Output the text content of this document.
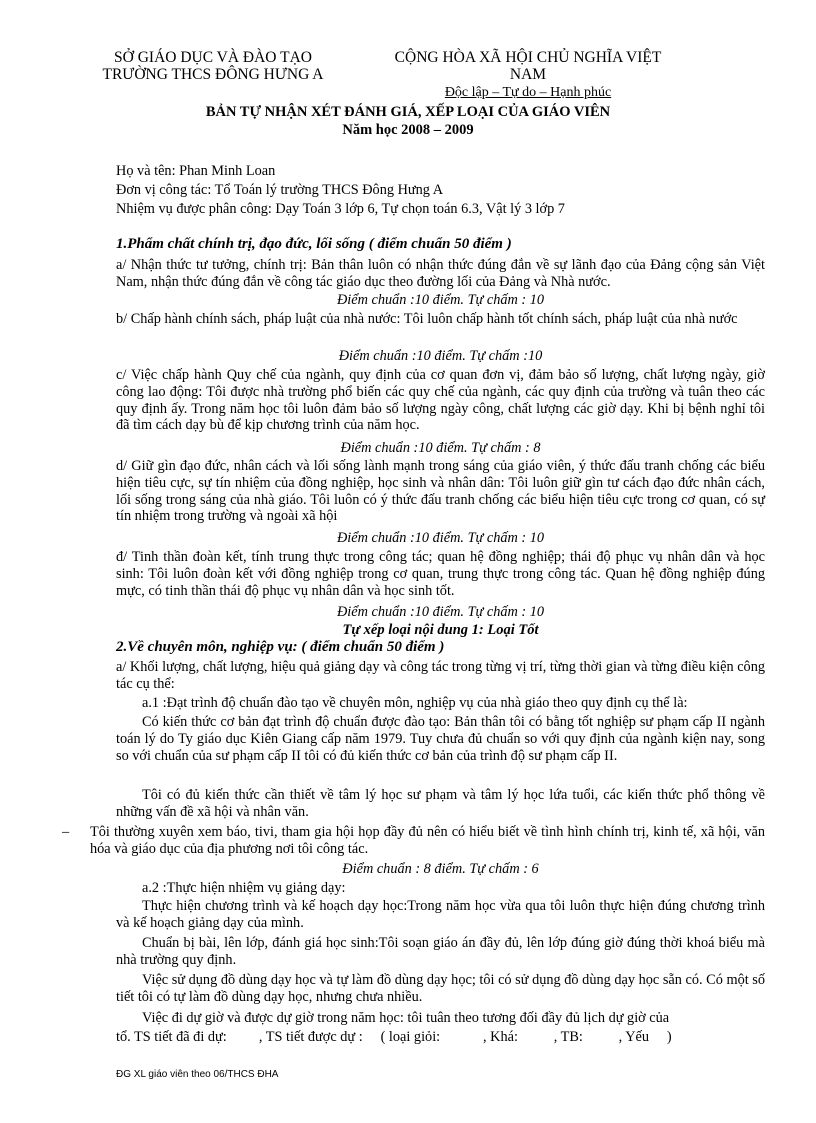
SỞ GIÁO DỤC VÀ ĐÀO TẠO
TRƯỜNG THCS ĐÔNG HƯNG A
CỘNG HÒA XÃ HỘI CHỦ NGHĨA VIỆT NAM
Độc lập – Tự do – Hạnh phúc
BẢN TỰ NHẬN XÉT ĐÁNH GIÁ, XẾP LOẠI CỦA GIÁO VIÊN
Năm học 2008 – 2009
Họ và tên: Phan Minh Loan
Đơn vị công tác: Tổ Toán lý trường THCS Đông Hưng A
Nhiệm vụ được phân công: Dạy Toán 3 lớp 6, Tự chọn toán 6.3, Vật lý 3 lớp 7
1.Phẩm chất chính trị, đạo đức, lối sống ( điểm chuẩn 50 điểm )
a/ Nhận thức tư tưởng, chính trị: Bản thân luôn có nhận thức đúng đắn về sự lãnh đạo của Đảng cộng sản Việt Nam, nhận thức đúng đắn về công tác giáo dục theo đường lối của Đảng và Nhà nước.
Điểm chuẩn :10 điểm. Tự chấm : 10
b/ Chấp hành chính sách, pháp luật của nhà nước: Tôi luôn chấp hành tốt chính sách, pháp luật của nhà nước
Điểm chuẩn :10 điểm. Tự chấm :10
c/ Việc chấp hành Quy chế của ngành, quy định của cơ quan đơn vị, đảm bảo số lượng, chất lượng ngày, giờ công lao động: Tôi được nhà trường phổ biến các quy chế của ngành, các quy định của trường và tuân theo các quy định ấy. Trong năm học tôi luôn đảm bảo số lượng ngày công, chất lượng các giờ dạy. Khi bị bệnh nghỉ tôi đã tìm cách dạy bù để kịp chương trình của năm học.
Điểm chuẩn :10 điểm. Tự chấm : 8
d/ Giữ gìn đạo đức, nhân cách và lối sống lành mạnh trong sáng của giáo viên, ý thức đấu tranh chống các biểu hiện tiêu cực, sự tín nhiệm của đồng nghiệp, học sinh và nhân dân: Tôi luôn giữ gìn tư cách đạo đức nhân cách, lối sống trong sáng của nhà giáo. Tôi luôn có ý thức đấu tranh chống các biểu hiện tiêu cực trong cơ quan, có sự tín nhiệm trong trường và ngoài xã hội
Điểm chuẩn :10 điểm. Tự chấm : 10
đ/ Tinh thần đoàn kết, tính trung thực trong công tác; quan hệ đồng nghiệp; thái độ phục vụ nhân dân và học sinh: Tôi luôn đoàn kết với đồng nghiệp trong cơ quan, trung thực trong công tác. Quan hệ đồng nghiệp đúng mực, có tinh thần thái độ phục vụ nhân dân và học sinh tốt.
Điểm chuẩn :10 điểm. Tự chấm : 10
Tự xếp loại nội dung 1: Loại Tốt
2.Về chuyên môn, nghiệp vụ: ( điểm chuẩn 50 điểm )
a/ Khối lượng, chất lượng, hiệu quả giảng dạy và công tác trong từng vị trí, từng thời gian và từng điều kiện công tác cụ thể:
a.1 :Đạt trình độ chuẩn đào tạo về chuyên môn, nghiệp vụ của nhà giáo theo quy định cụ thể là:
Có kiến thức cơ bản đạt trình độ chuẩn được đào tạo: Bản thân tôi có bằng tốt nghiệp sư phạm cấp II ngành toán lý do Ty giáo dục Kiên Giang cấp năm 1979. Tuy chưa đủ chuẩn so với quy định của ngành kiện nay, song so với chuẩn của sư phạm cấp II tôi có đủ kiến thức cơ bản của trình độ sư phạm cấp II.
Tôi có đủ kiến thức cần thiết về tâm lý học sư phạm và tâm lý học lứa tuổi, các kiến thức phổ thông về những vấn đề xã hội và nhân văn.
– Tôi thường xuyên xem báo, tivi, tham gia hội họp đầy đủ nên có hiểu biết về tình hình chính trị, kinh tế, xã hội, văn hóa và giáo dục của địa phương nơi tôi công tác.
Điểm chuẩn : 8 điểm. Tự chấm : 6
a.2 :Thực hiện nhiệm vụ giảng dạy:
Thực hiện chương trình và kế hoạch dạy học:Trong năm học vừa qua tôi luôn thực hiện đúng chương trình và kế hoạch giảng dạy của mình.
Chuẩn bị bài, lên lớp, đánh giá học sinh:Tôi soạn giáo án đầy đủ, lên lớp đúng giờ đúng thời khoá biểu mà nhà trường quy định.
Việc sử dụng đồ dùng dạy học và tự làm đồ dùng dạy học; tôi có sử dụng đồ dùng dạy học sẵn có. Có một số tiết tôi có tự làm đồ dùng dạy học, nhưng chưa nhiều.
Việc đi dự giờ và được dự giờ trong năm học: tôi tuân theo tương đối đầy đủ lịch dự giờ của
tổ. TS tiết đã đi dự:         , TS tiết được dự :     ( loại giỏi:            , Khá:          , TB:          , Yếu     )
ĐG XL giáo viên theo 06/THCS ĐHA
